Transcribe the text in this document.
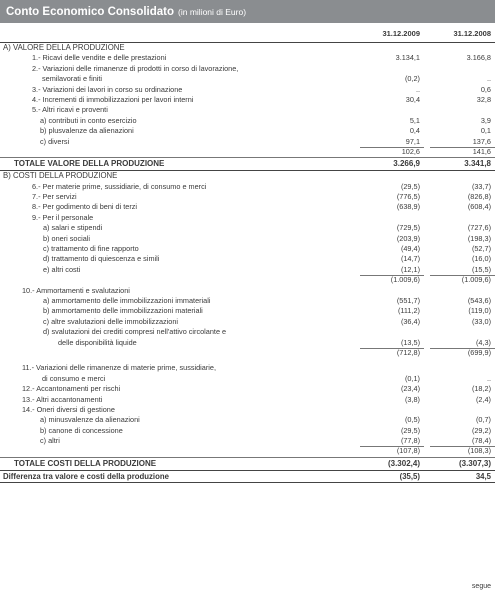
Conto Economico Consolidato (in milioni di Euro)
31.12.2009	31.12.2008
A) VALORE DELLA PRODUZIONE
1.- Ricavi delle vendite e delle prestazioni	3.134,1	3.166,8
2.- Variazioni delle rimanenze di prodotti in corso di lavorazione,
semilavorati e finiti	(0,2)	..
3.- Variazioni dei lavori in corso su ordinazione	..	0,6
4.- Incrementi di immobilizzazioni per lavori interni	30,4	32,8
5.- Altri ricavi e proventi
a) contributi in conto esercizio	5,1	3,9
b) plusvalenze da alienazioni	0,4	0,1
c) diversi	97,1	137,6
102,6	141,6
TOTALE VALORE DELLA PRODUZIONE	3.266,9	3.341,8
B) COSTI DELLA PRODUZIONE
6.- Per materie prime, sussidiarie, di consumo e merci	(29,5)	(33,7)
7.- Per servizi	(776,5)	(826,8)
8.- Per godimento di beni di terzi	(638,9)	(608,4)
9.- Per il personale
a) salari e stipendi	(729,5)	(727,6)
b) oneri sociali	(203,9)	(198,3)
c) trattamento di fine rapporto	(49,4)	(52,7)
d) trattamento di quiescenza e simili	(14,7)	(16,0)
e) altri costi	(12,1)	(15,5)
(1.009,6)	(1.009,6)
10.- Ammortamenti e svalutazioni
a) ammortamento delle immobilizzazioni immateriali	(551,7)	(543,6)
b) ammortamento delle immobilizzazioni materiali	(111,2)	(119,0)
c) altre svalutazioni delle immobilizzazioni	(36,4)	(33,0)
d) svalutazioni dei crediti compresi nell'attivo circolante e
delle disponibilità liquide	(13,5)	(4,3)
(712,8)	(699,9)
11.- Variazioni delle rimanenze di materie prime, sussidiarie,
di consumo e merci	(0,1)	..
12.- Accantonamenti per rischi	(23,4)	(18,2)
13.- Altri accantonamenti	(3,8)	(2,4)
14.- Oneri diversi di gestione
a) minusvalenze da alienazioni	(0,5)	(0,7)
b) canone di concessione	(29,5)	(29,2)
c) altri	(77,8)	(78,4)
(107,8)	(108,3)
TOTALE COSTI DELLA PRODUZIONE	(3.302,4)	(3.307,3)
Differenza tra valore e costi della produzione	(35,5)	34,5
segue
